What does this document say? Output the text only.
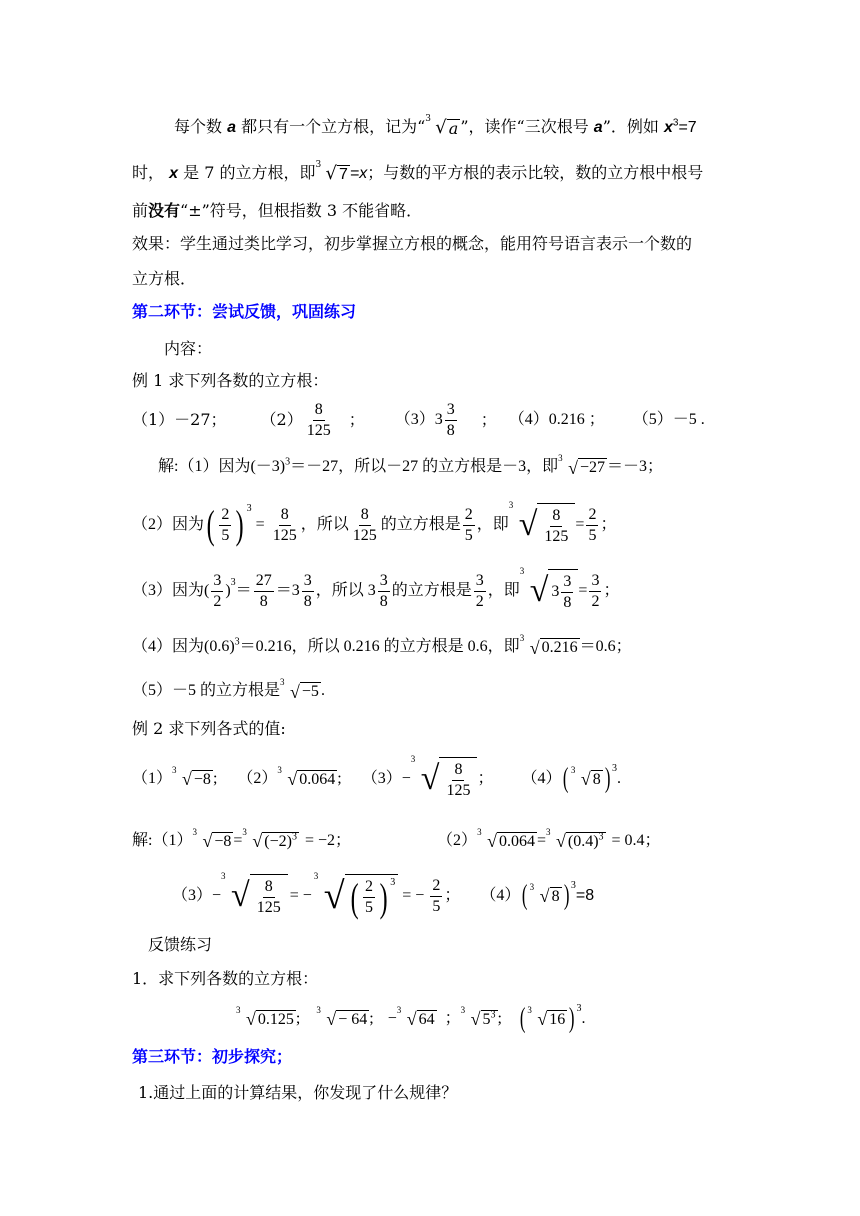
每个数 a 都只有一个立方根，记为“ 3 √ a ”，读作“三次根号 a”．例如 $x^3=7$
时， x 是 7 的立方根，即 3 √ 7 =x；与数的平方根的表示比较，数的立方根中根号
前没有“±”符号，但根指数 3 不能省略．
效果：学生通过类比学习，初步掌握立方根的概念，能用符号语言表示一个数的
立方根．
第二环节：尝试反馈，巩固练习
内容：
例 1 求下列各数的立方根：
（1）－27； $(2) \frac{8}{125}$ ； $(3)3 \frac{3}{8}$ ； （4）0.216 ； （5）－5 .
解:（1）因为$(-3)^3=-27$，所以－27 的立方根是－3，即 3 √ −27 ＝－3；
（2）因为 ( $\frac{2}{5}$ ) 3
= $\frac{8}{125}$ ，所以 $\frac{8}{125}$ 的立方根是 $\frac{2}{5}$ ，即
3
√ $\frac{8}{125} = \frac{2}{5}$ ；
（3）因为( $\frac{3}{2}$ ) $3 = \frac{27}{8} =3 \frac{3}{8}$ ，所以 $3 \frac{3}{8}$ 的立方根是 $\frac{3}{2}$ ，即
3
√ $3 \frac{3}{8} = \frac{3}{2}$ ；
（4）因为$(0.6)^3=0.216$，所以 0.216 的立方根是 0.6，即 3 √ 0.216 ＝0.6；
（5）－5 的立方根是 3 √ −5 .
例 2 求下列各式的值:
（1） 3 √ −8 ; （2） 3 √ 0.064 ; （3）−
3
√ $\frac{8}{125}$ ； （4） ( 3 √ 8 ) 3
.
解:（1） 3 √ −8 = 3 √ $(-2)^3 = -2$；	（2） 3 √ 0.064 = 3 √ $(0.4)^3 = 0.4$；
（3）−
3
√ $\frac{8}{125}$ = −
3 √ ( $\frac{2}{5}$ ) $^3$
= − $\frac{2}{5}$ ； （4） ( 3 √ 8 ) 3
=8
反馈练习
1．求下列各数的立方根：
3 √ 0.125 ; 3 √ − 64 ; − 3 √ 64 ； 3 √ $5^3$ ; ( 3 √ 16 ) 3
.
第三环节：初步探究；
1.通过上面的计算结果，你发现了什么规律？
